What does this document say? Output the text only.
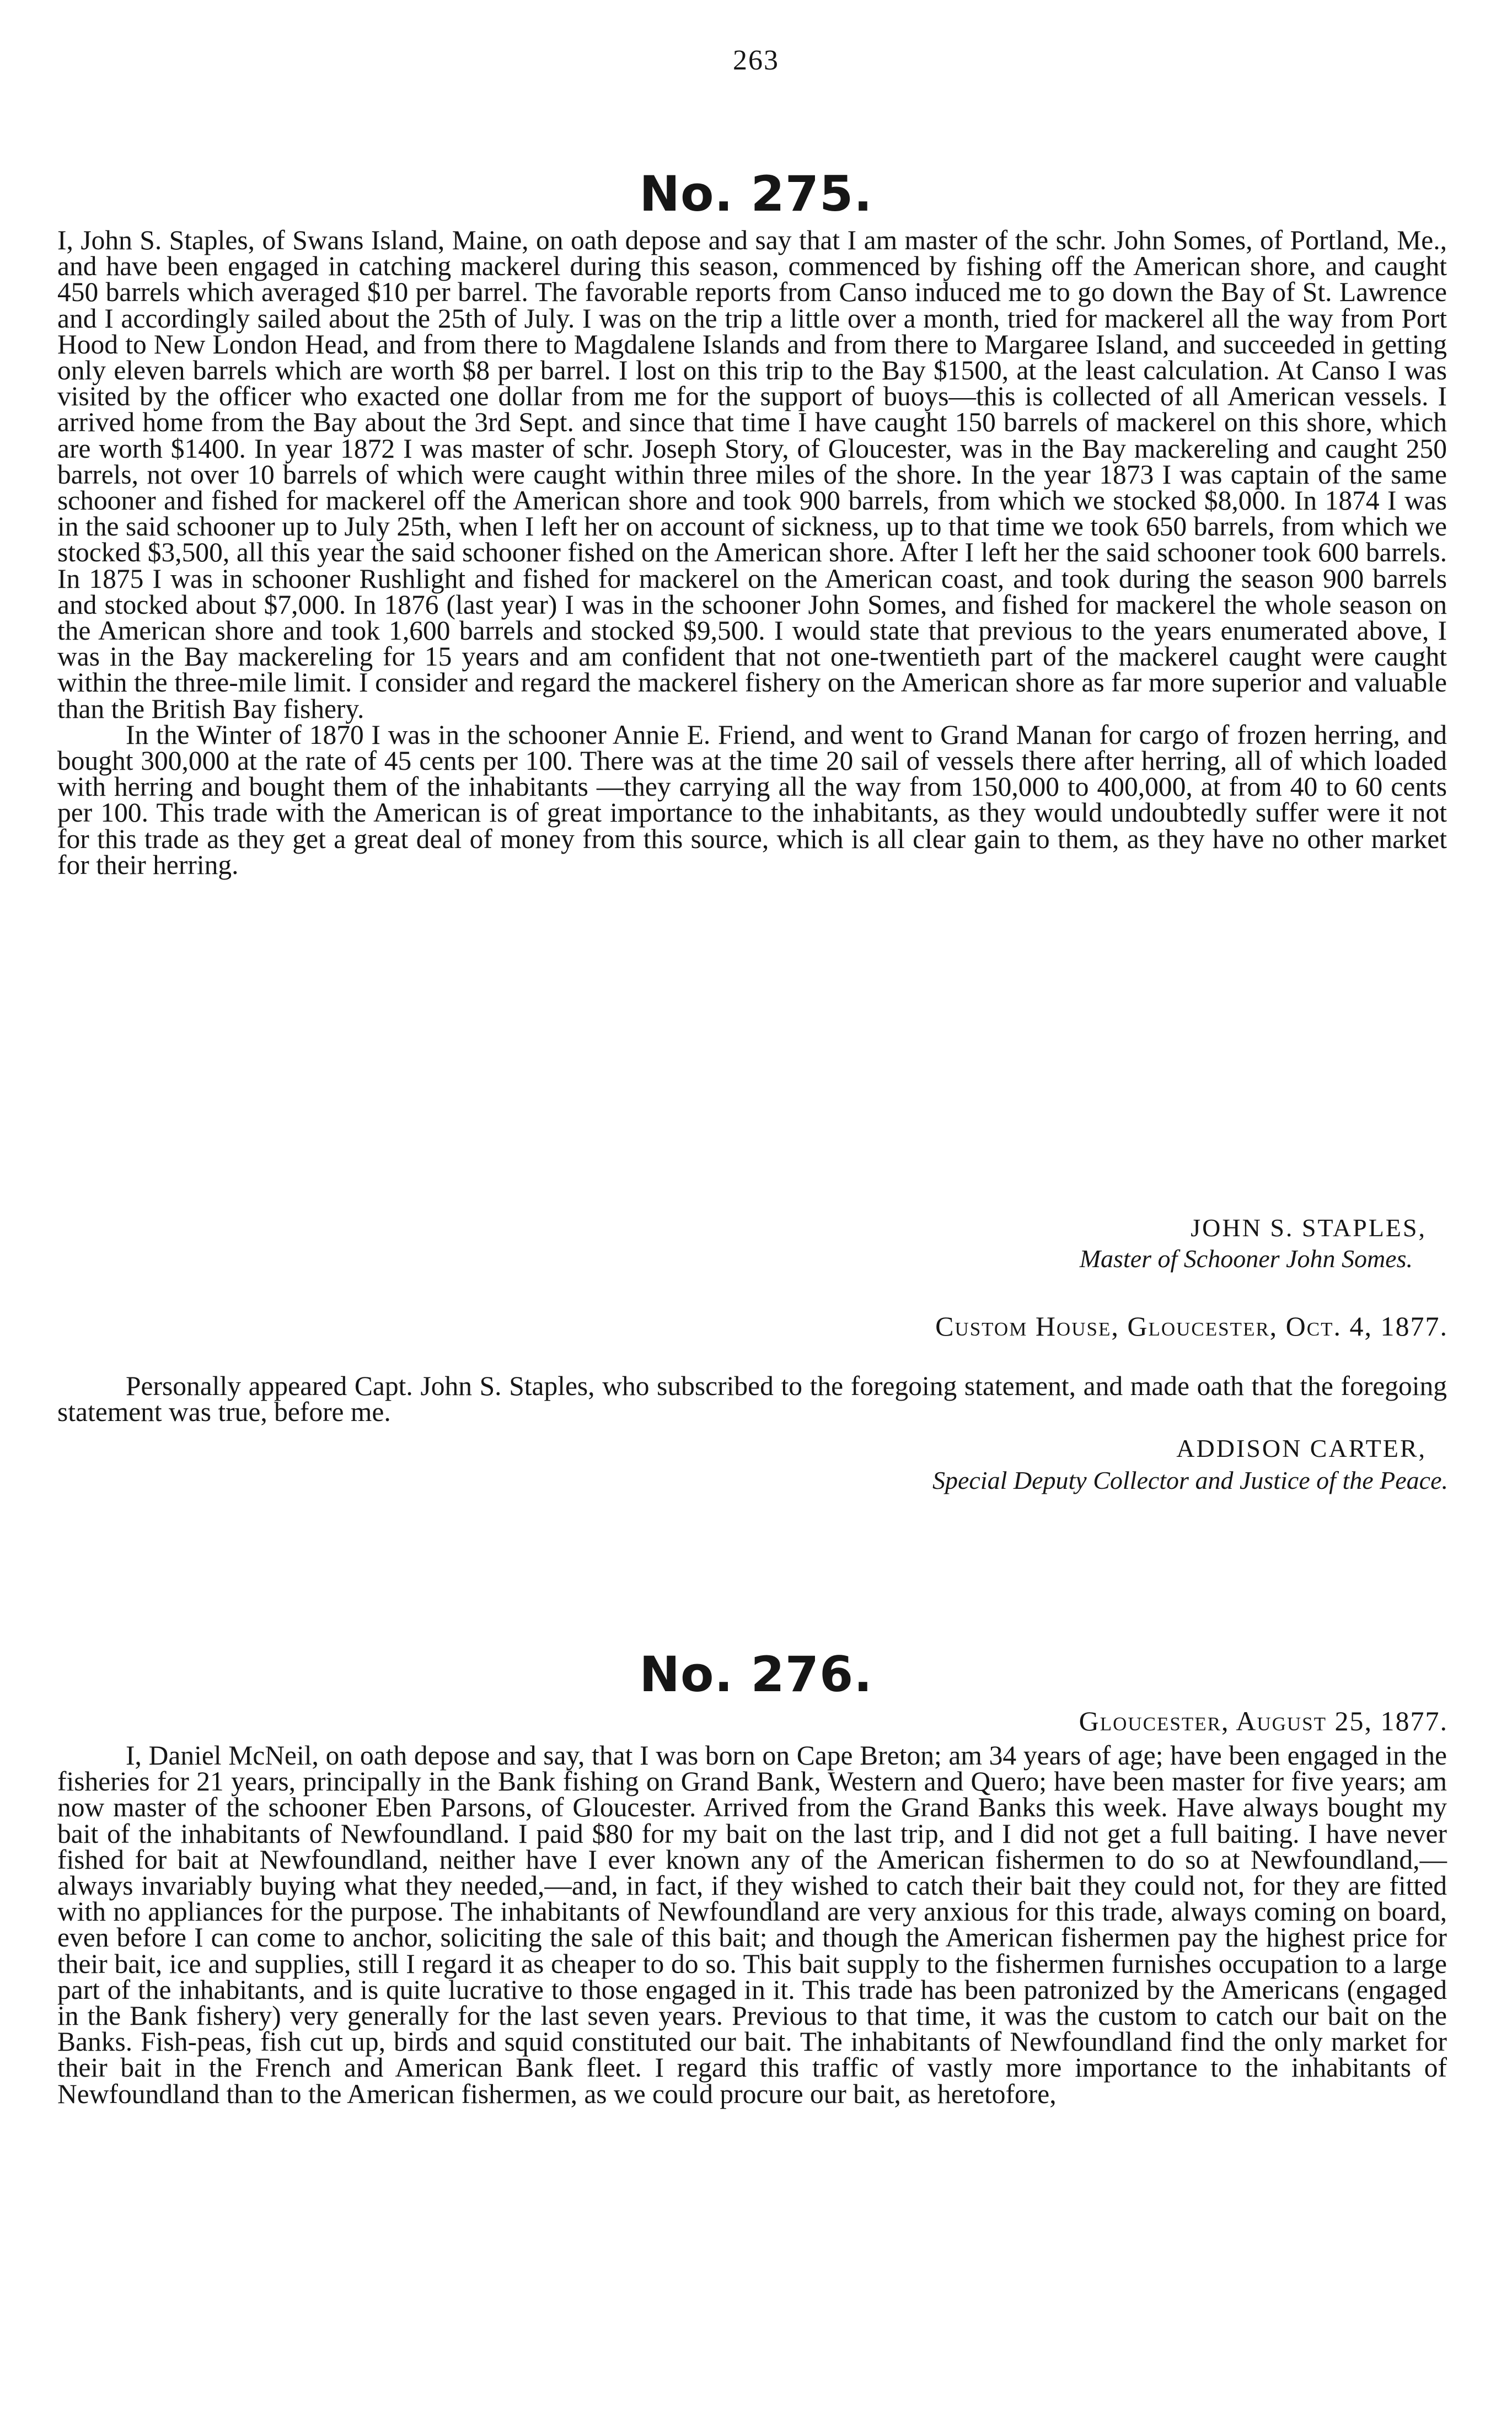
263
No. 275.

I, John S. Staples, of Swans Island, Maine, on oath depose and say that I am master of the schr. John Somes, of Portland, Me., and have been engaged in catching mackerel during this season, commenced by fishing off the American shore, and caught 450 barrels which averaged $10 per barrel. The favorable reports from Canso induced me to go down the Bay of St. Lawrence and I accordingly sailed about the 25th of July. I was on the trip a little over a month, tried for mackerel all the way from Port Hood to New London Head, and from there to Magdalene Islands and from there to Margaree Island, and succeeded in getting only eleven barrels which are worth $8 per barrel. I lost on this trip to the Bay $1500, at the least calculation. At Canso I was visited by the officer who exacted one dollar from me for the support of buoys—this is collected of all American vessels. I arrived home from the Bay about the 3rd Sept. and since that time I have caught 150 barrels of mackerel on this shore, which are worth $1400. In year 1872 I was master of schr. Joseph Story, of Gloucester, was in the Bay mackereling and caught 250 barrels, not over 10 barrels of which were caught within three miles of the shore. In the year 1873 I was captain of the same schooner and fished for mackerel off the American shore and took 900 barrels, from which we stocked $8,000. In 1874 I was in the said schooner up to July 25th, when I left her on account of sickness, up to that time we took 650 barrels, from which we stocked $3,500, all this year the said schooner fished on the American shore. After I left her the said schooner took 600 barrels. In 1875 I was in schooner Rushlight and fished for mackerel on the American coast, and took during the season 900 barrels and stocked about $7,000. In 1876 (last year) I was in the schooner John Somes, and fished for mackerel the whole season on the American shore and took 1,600 barrels and stocked $9,500. I would state that previous to the years enumerated above, I was in the Bay mackereling for 15 years and am confident that not one-twentieth part of the mackerel caught were caught within the three-mile limit. I consider and regard the mackerel fishery on the American shore as far more superior and valuable than the British Bay fishery.

In the Winter of 1870 I was in the schooner Annie E. Friend, and went to Grand Manan for cargo of frozen herring, and bought 300,000 at the rate of 45 cents per 100. There was at the time 20 sail of vessels there after herring, all of which loaded with herring and bought them of the inhabitants —they carrying all the way from 150,000 to 400,000, at from 40 to 60 cents per 100. This trade with the American is of great importance to the inhabitants, as they would undoubtedly suffer were it not for this trade as they get a great deal of money from this source, which is all clear gain to them, as they have no other market for their herring.

JOHN S. STAPLES,
Master of Schooner John Somes.
Custom House, Gloucester, Oct. 4, 1877.

Personally appeared Capt. John S. Staples, who subscribed to the foregoing statement, and made oath that the foregoing statement was true, before me.

ADDISON CARTER,
Special Deputy Collector and Justice of the Peace.
No. 276.
Gloucester, August 25, 1877.

I, Daniel McNeil, on oath depose and say, that I was born on Cape Breton; am 34 years of age; have been engaged in the fisheries for 21 years, principally in the Bank fishing on Grand Bank, Western and Quero; have been master for five years; am now master of the schooner Eben Parsons, of Gloucester. Arrived from the Grand Banks this week. Have always bought my bait of the inhabitants of Newfoundland. I paid $80 for my bait on the last trip, and I did not get a full baiting. I have never fished for bait at Newfoundland, neither have I ever known any of the American fishermen to do so at Newfoundland,—always invariably buying what they needed,—and, in fact, if they wished to catch their bait they could not, for they are fitted with no appliances for the purpose. The inhabitants of Newfoundland are very anxious for this trade, always coming on board, even before I can come to anchor, soliciting the sale of this bait; and though the American fishermen pay the highest price for their bait, ice and supplies, still I regard it as cheaper to do so. This bait supply to the fishermen furnishes occupation to a large part of the inhabitants, and is quite lucrative to those engaged in it. This trade has been patronized by the Americans (engaged in the Bank fishery) very generally for the last seven years. Previous to that time, it was the custom to catch our bait on the Banks. Fish-peas, fish cut up, birds and squid constituted our bait. The inhabitants of Newfoundland find the only market for their bait in the French and American Bank fleet. I regard this traffic of vastly more importance to the inhabitants of Newfoundland than to the American fishermen, as we could procure our bait, as heretofore,
